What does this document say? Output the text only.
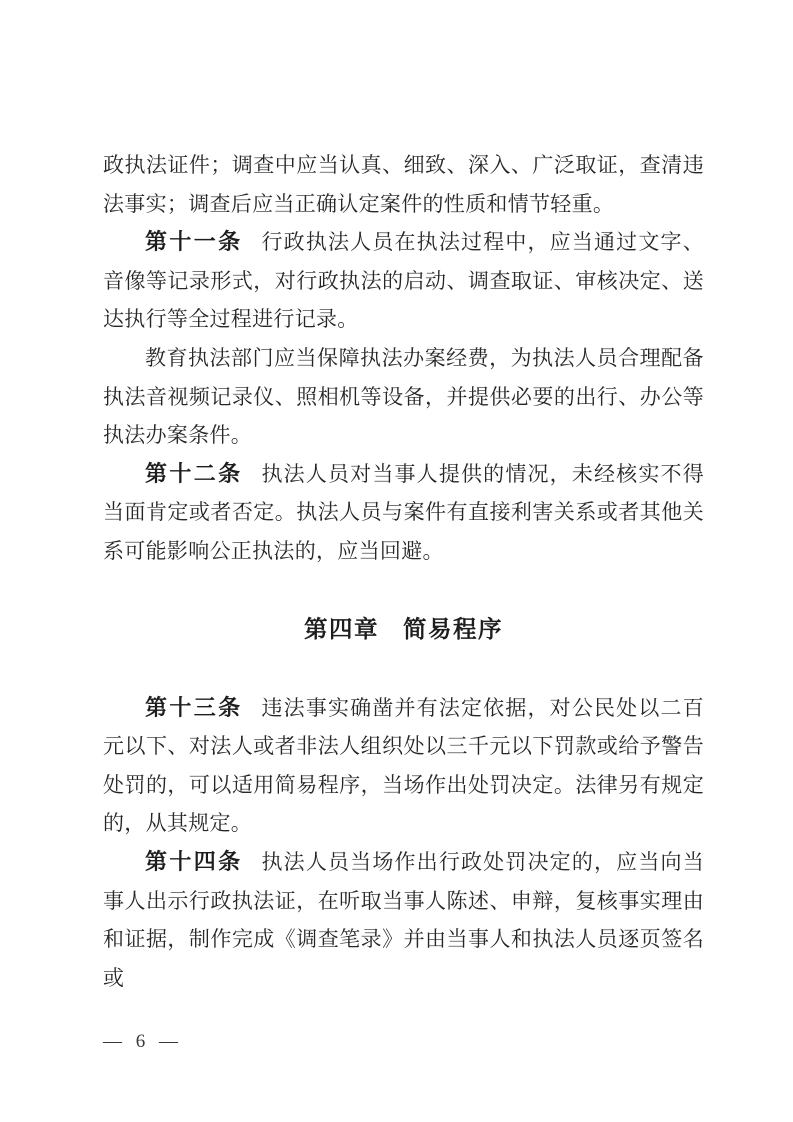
政执法证件；调查中应当认真、细致、深入、广泛取证，查清违法事实；调查后应当正确认定案件的性质和情节轻重。

第十一条 行政执法人员在执法过程中，应当通过文字、音像等记录形式，对行政执法的启动、调查取证、审核决定、送达执行等全过程进行记录。

教育执法部门应当保障执法办案经费，为执法人员合理配备执法音视频记录仪、照相机等设备，并提供必要的出行、办公等执法办案条件。

第十二条 执法人员对当事人提供的情况，未经核实不得当面肯定或者否定。执法人员与案件有直接利害关系或者其他关系可能影响公正执法的，应当回避。

第四章 简易程序

第十三条 违法事实确凿并有法定依据，对公民处以二百元以下、对法人或者非法人组织处以三千元以下罚款或给予警告处罚的，可以适用简易程序，当场作出处罚决定。法律另有规定的，从其规定。

第十四条 执法人员当场作出行政处罚决定的，应当向当事人出示行政执法证，在听取当事人陈述、申辩，复核事实理由和证据，制作完成《调查笔录》并由当事人和执法人员逐页签名或

— 6 —
